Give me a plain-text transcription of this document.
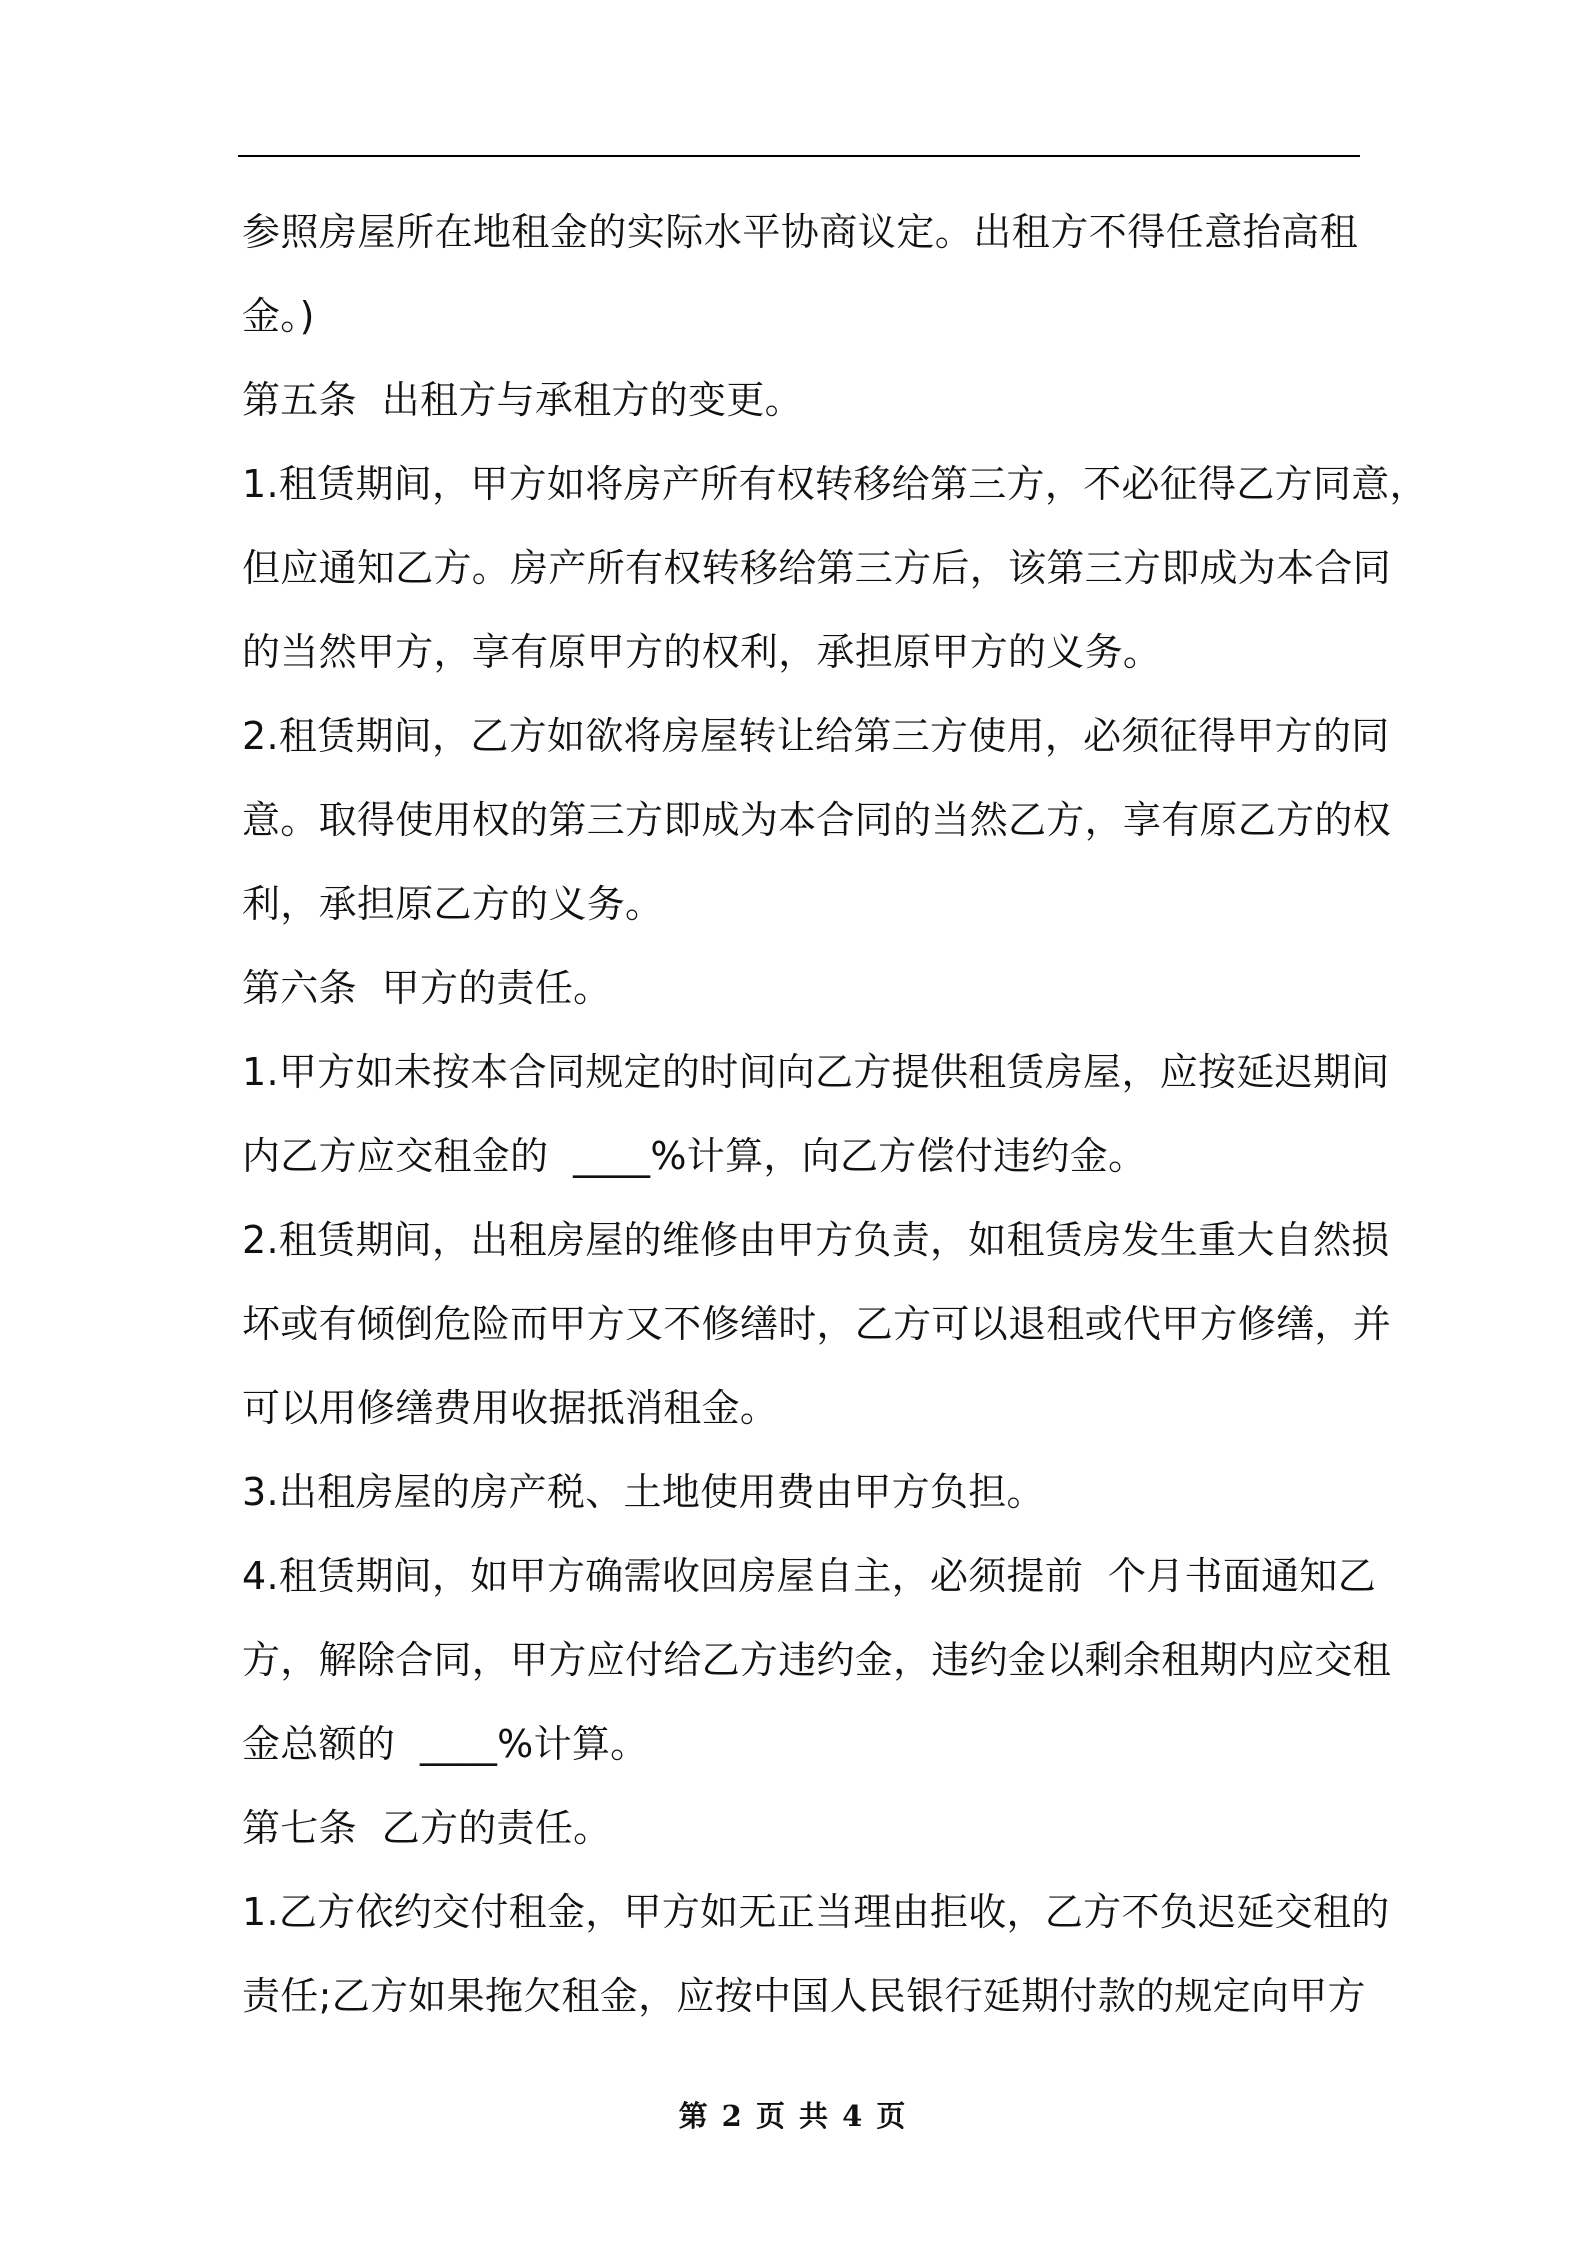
参照房屋所在地租金的实际水平协商议定。出租方不得任意抬高租
金。)
第五条  出租方与承租方的变更。
1.租赁期间，甲方如将房产所有权转移给第三方，不必征得乙方同意，
但应通知乙方。房产所有权转移给第三方后，该第三方即成为本合同
的当然甲方，享有原甲方的权利，承担原甲方的义务。
2.租赁期间，乙方如欲将房屋转让给第三方使用，必须征得甲方的同
意。取得使用权的第三方即成为本合同的当然乙方，享有原乙方的权
利，承担原乙方的义务。
第六条  甲方的责任。
1.甲方如未按本合同规定的时间向乙方提供租赁房屋，应按延迟期间
内乙方应交租金的  ____%计算，向乙方偿付违约金。
2.租赁期间，出租房屋的维修由甲方负责，如租赁房发生重大自然损
坏或有倾倒危险而甲方又不修缮时，乙方可以退租或代甲方修缮，并
可以用修缮费用收据抵消租金。
3.出租房屋的房产税、土地使用费由甲方负担。
4.租赁期间，如甲方确需收回房屋自主，必须提前  个月书面通知乙
方，解除合同，甲方应付给乙方违约金，违约金以剩余租期内应交租
金总额的  ____%计算。
第七条  乙方的责任。
1.乙方依约交付租金，甲方如无正当理由拒收，乙方不负迟延交租的
责任;乙方如果拖欠租金，应按中国人民银行延期付款的规定向甲方
第 2 页 共 4 页
